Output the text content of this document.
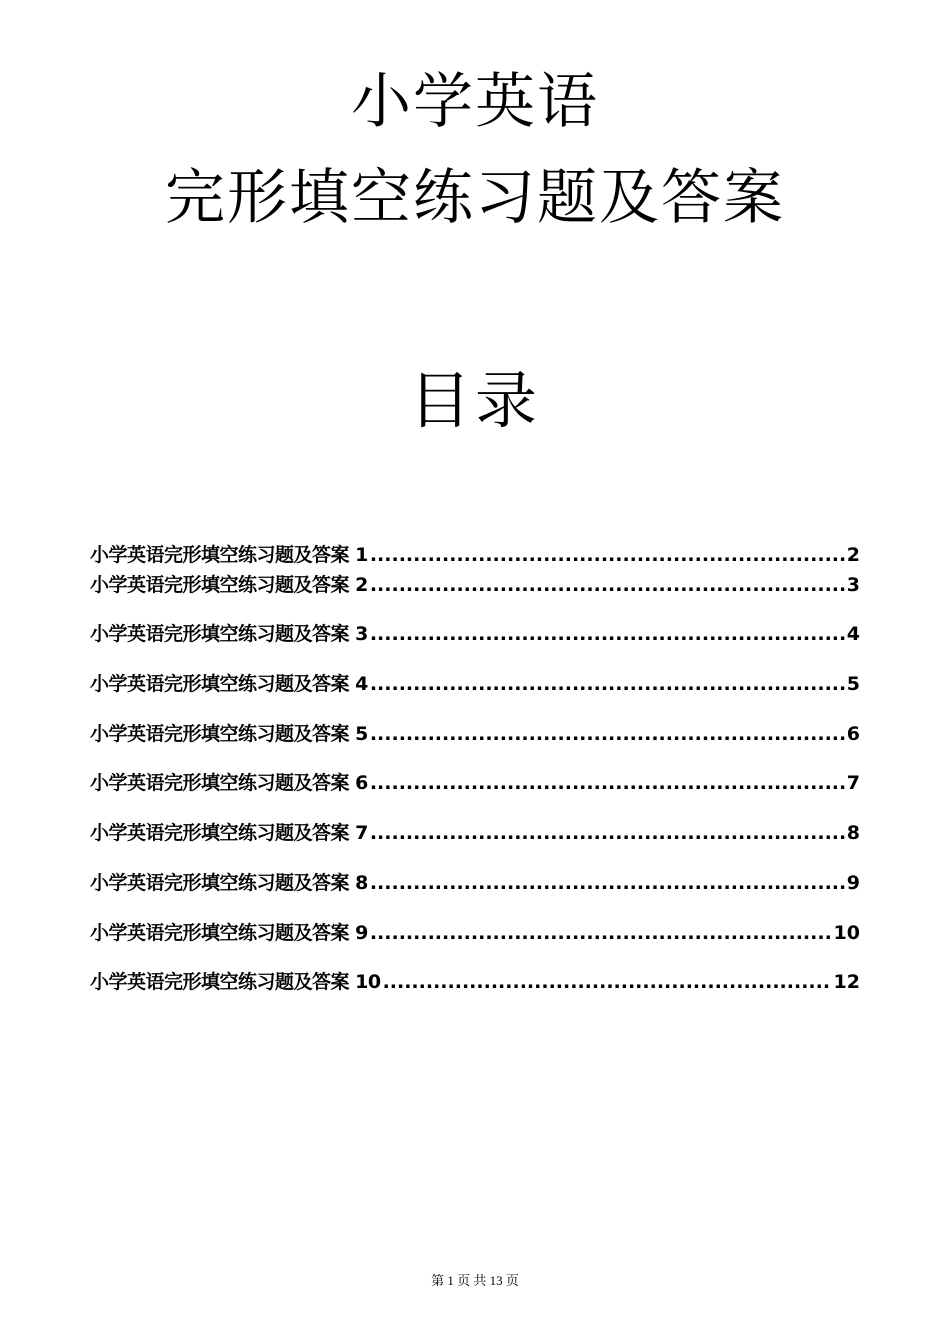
小学英语
完形填空练习题及答案
目录
小学英语完形填空练习题及答案 1 .....	2
小学英语完形填空练习题及答案 2 .....	3
小学英语完形填空练习题及答案 3 .....	4
小学英语完形填空练习题及答案 4 .....	5
小学英语完形填空练习题及答案 5 .....	6
小学英语完形填空练习题及答案 6 .....	7
小学英语完形填空练习题及答案 7 .....	8
小学英语完形填空练习题及答案 8 .....	9
小学英语完形填空练习题及答案 9 .....	10
小学英语完形填空练习题及答案 10 .....	12
第 1 页 共 13 页
